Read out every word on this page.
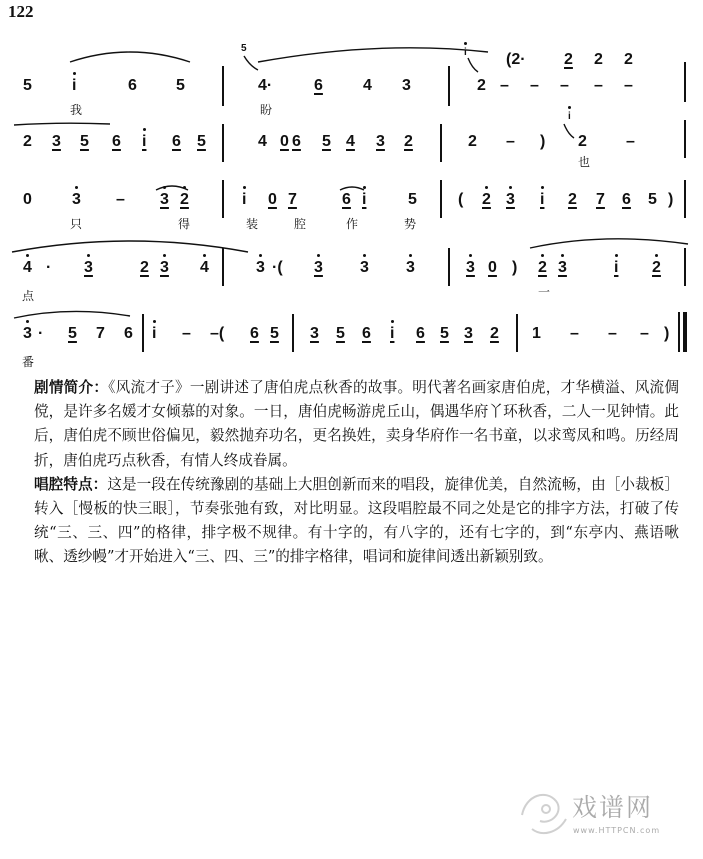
122
5	i	6 5
5
4·	6	4 3
i
2 – – –
(2· 2 2 2
– –
我	盼
2 3 5 6 i 6 5	4 0 6 5 4 3 2	2 – )
i
2 –
也
0	3 – 3 2	i 0 7	6 i	5	( 2 3 i 2 7 6 5 )
只	得	装	腔	作	势
4 · 3	2 3 4	3 ·( 3 3 3	3 0 ) 2 3	i 2
点	一
3 · 5 7 6 i – –( 6 5 3 5 6 i 6 5 3 2 1 – – – )
番

剧情简介：《风流才子》一剧讲述了唐伯虎点秋香的故事。明代著名画家唐伯虎，才华横溢、风流倜傥，是许多名媛才女倾慕的对象。一日，唐伯虎畅游虎丘山，偶遇华府丫环秋香，二人一见钟情。此后，唐伯虎不顾世俗偏见，毅然抛弃功名，更名换姓，卖身华府作一名书童，以求鸾凤和鸣。历经周折，唐伯虎巧点秋香，有情人终成眷属。

唱腔特点：这是一段在传统豫剧的基础上大胆创新而来的唱段，旋律优美，自然流畅，由［小裁板］转入［慢板的快三眼］，节奏张弛有致，对比明显。这段唱腔最不同之处是它的排字方法，打破了传统“三、三、四”的格律，排字极不规律。有十字的，有八字的，还有七字的，到“东亭内、燕语啾啾、透纱幔”才开始进入“三、四、三”的排字格律，唱词和旋律间透出新颖别致。

戏谱网
www.HTTPCN.com
